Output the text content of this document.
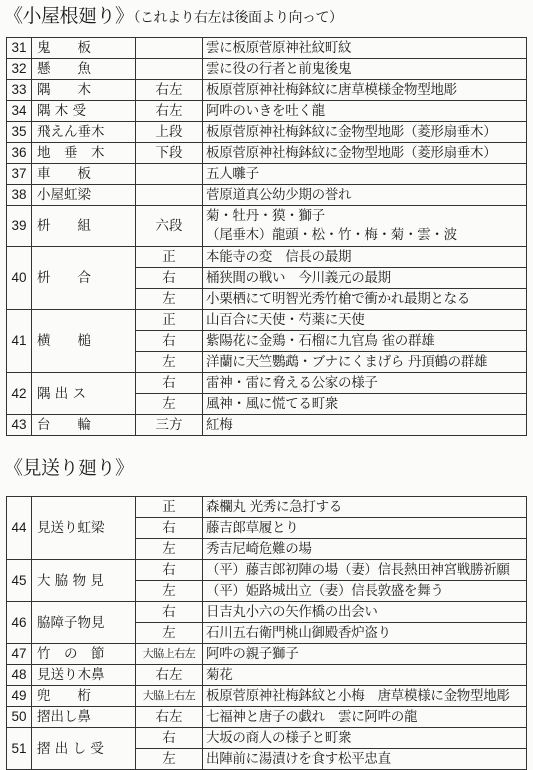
《小屋根廻り》（これより右左は後面より向って）
31	鬼　　板		雲に板原菅原神社紋町紋
32	懸　　魚		雲に役の行者と前鬼後鬼
33	隅　　木	右左	板原菅原神社梅鉢紋に唐草模様金物型地彫
34	隅 木 受	右左	阿吽のいきを吐く龍
35	飛えん垂木	上段	板原菅原神社梅鉢紋に金物型地彫（菱形扇垂木）
36	地　垂　木	下段	板原菅原神社梅鉢紋に金物型地彫（菱形扇垂木）
37	車　　板		五人囃子
38	小屋虹梁		菅原道真公幼少期の誉れ
39	枡　　組	六段	菊・牡丹・獏・獅子
（尾垂木）龍頭・松・竹・梅・菊・雲・波

40	枡　　合	正	本能寺の変　信長の最期
		右	桶狭間の戦い　今川義元の最期
		左	小栗栖にて明智光秀竹槍で衝かれ最期となる
41	横　　槌	正	山百合に天使・芍薬に天使
		右	紫陽花に金鶏・石榴に九官鳥 雀の群雄
		左	洋蘭に天竺鸚鵡・ブナにくまげら 丹頂鶴の群雄
42	隅 出 ス	右	雷神・雷に脅える公家の様子
		左	風神・風に慌てる町衆
43	台　　輪	三方	紅梅
《見送り廻り》
44	見送り虹梁	正	森欄丸 光秀に急打する
		右	藤吉郎草履とり
		左	秀吉尼崎危難の場
45	大 脇 物 見	右	（平）藤吉郎初陣の場（妻）信長熱田神宮戦勝祈願
		左	（平）姫路城出立（妻）信長敦盛を舞う
46	脇障子物見	右	日吉丸小六の矢作橋の出会い
		左	石川五右衛門桃山御殿香炉盗り
47	竹　の　節	大脇上右左	阿吽の親子獅子
48	見送り木鼻	右左	菊花
49	兜　　桁	大脇上右左	板原菅原神社梅鉢紋と小梅　唐草模様に金物型地彫
50	摺出し鼻	右左	七福神と唐子の戯れ　雲に阿吽の龍
51	摺 出 し 受	右	大坂の商人の様子と町衆
		左	出陣前に湯漬けを食す松平忠直
